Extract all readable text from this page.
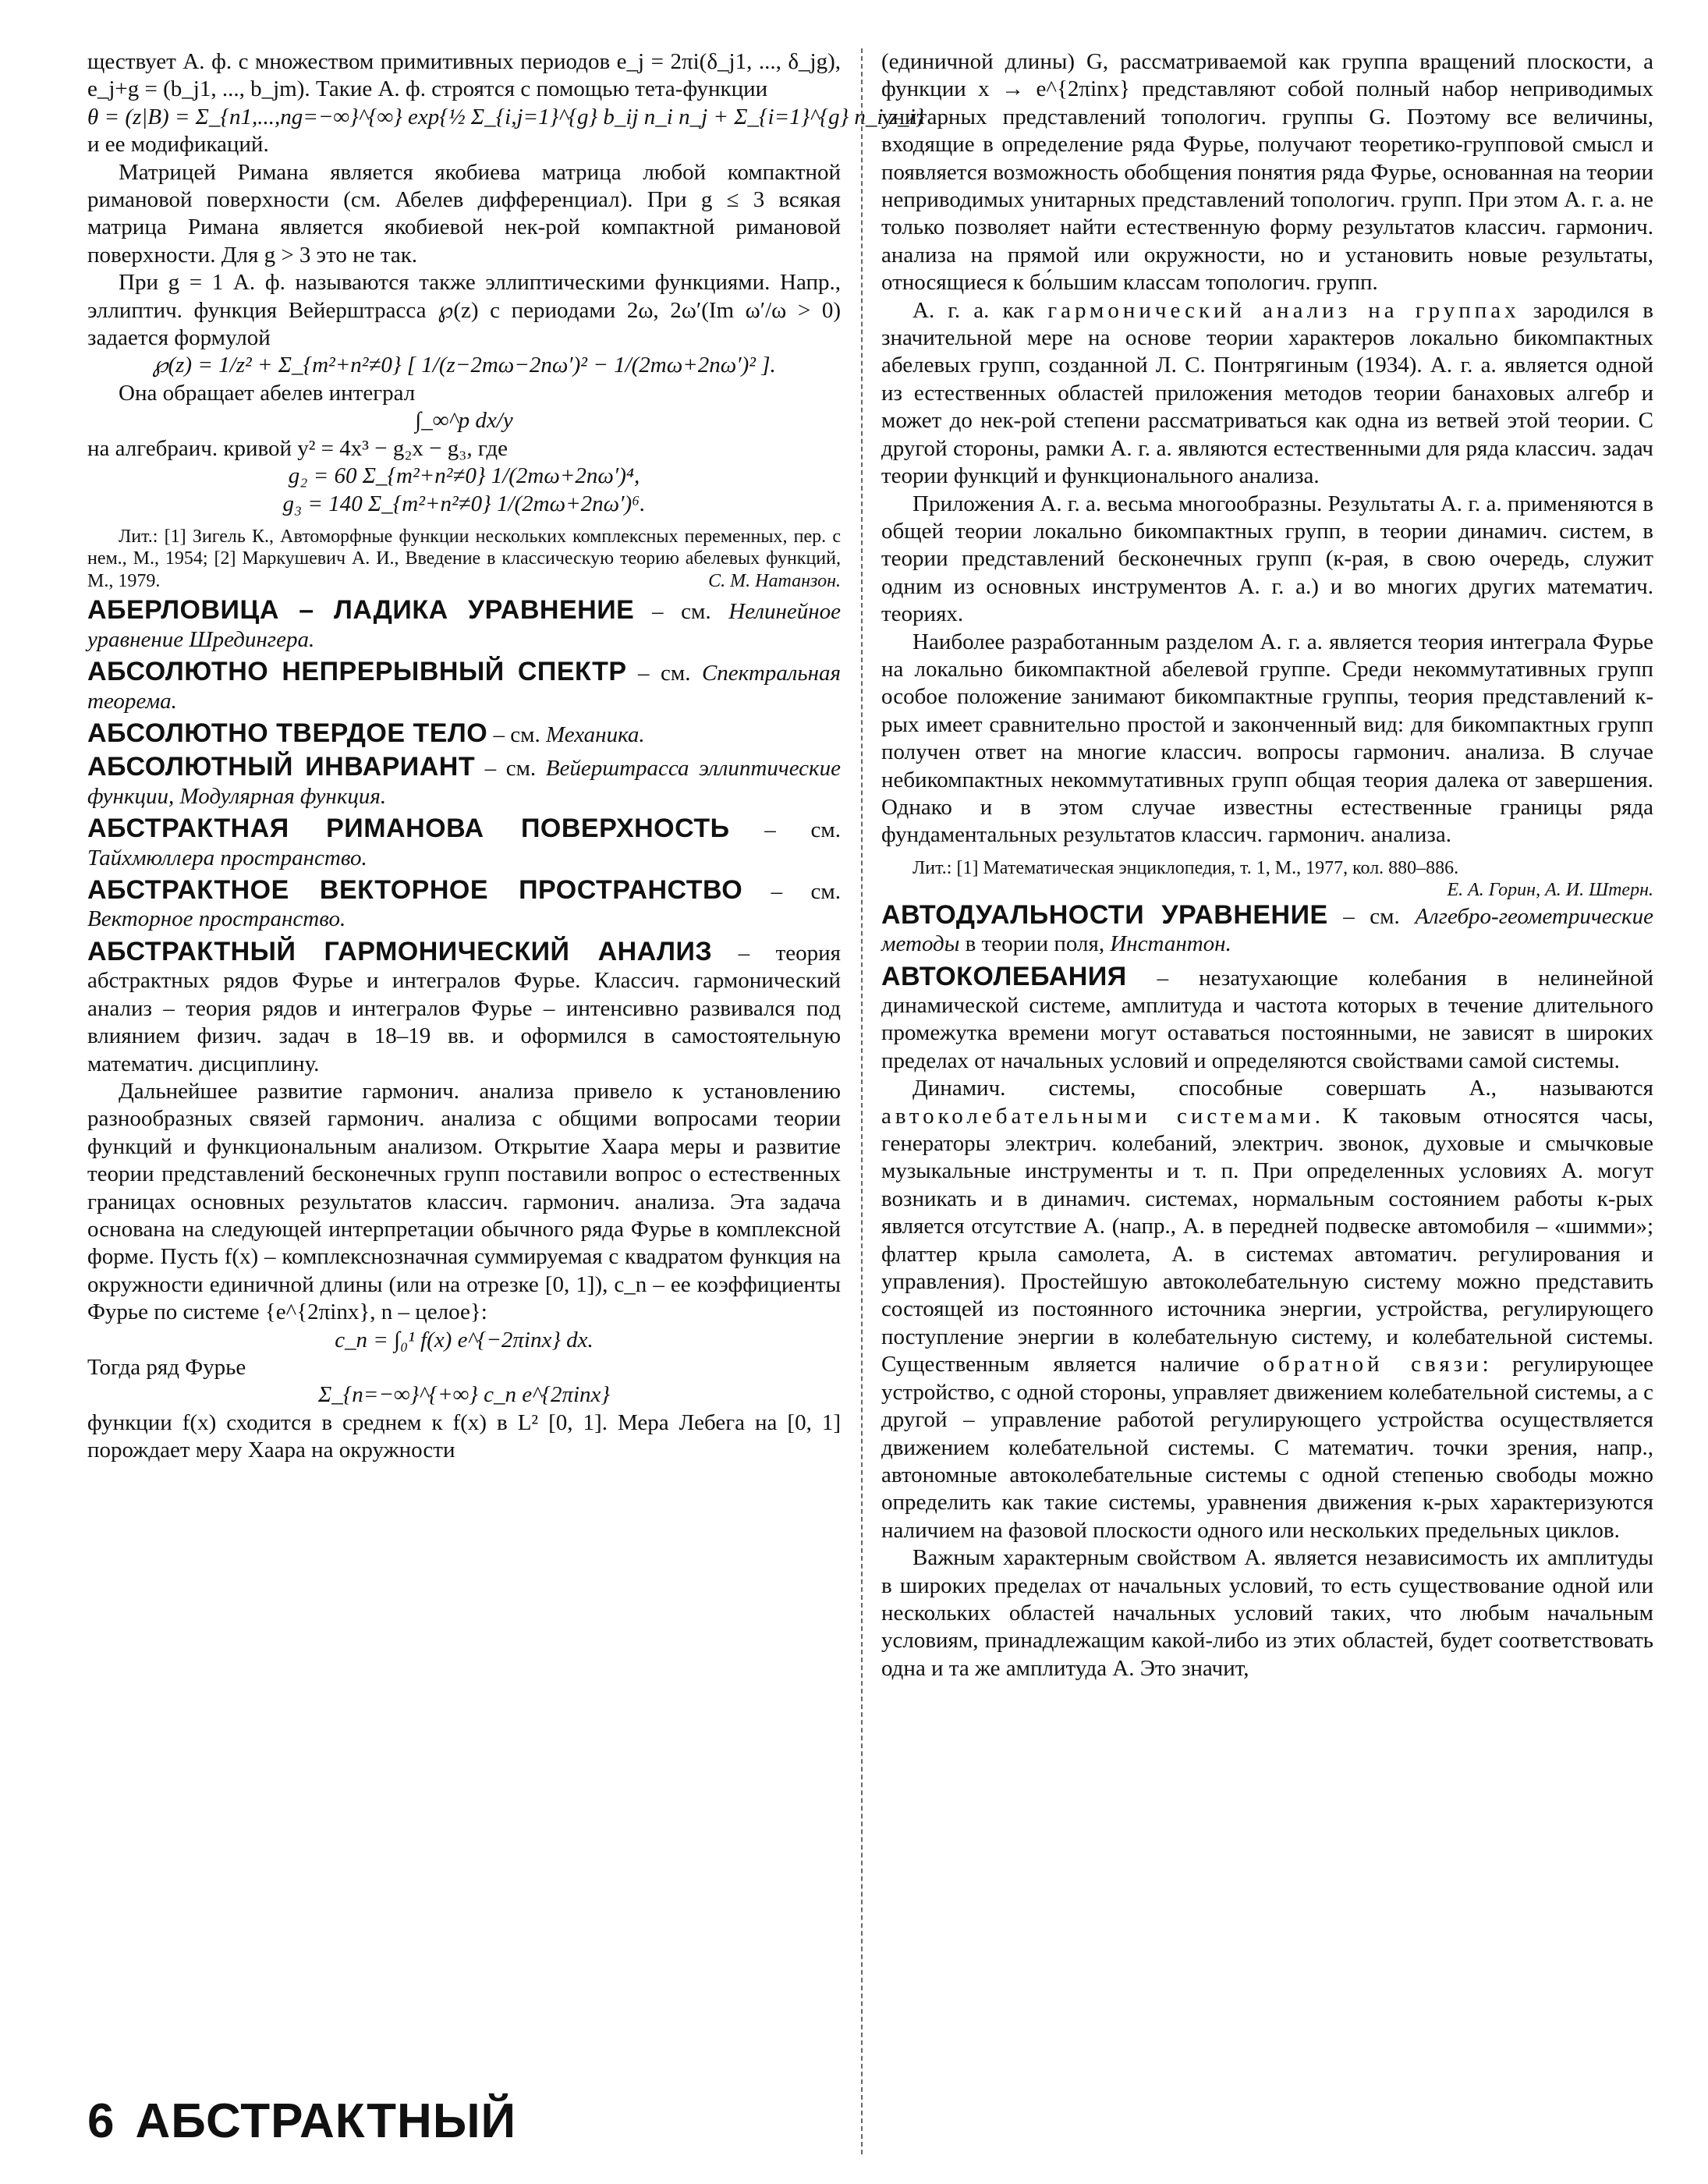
ществует А. ф. с множеством примитивных периодов e_j = 2πi(δ_j1, ..., δ_jg), e_j+g = (b_j1, ..., b_jm). Такие А. ф. строятся с помощью тета-функции

θ = (z|B) = Σ_{n1,...,ng=−∞}^{∞} exp{½ Σ_{i,j=1}^{g} b_ij n_i n_j + Σ_{i=1}^{g} n_i z_i}

и ее модификаций.

Матрицей Римана является якобиева матрица любой компактной римановой поверхности (см. Абелев дифференциал). При g ≤ 3 всякая матрица Римана является якобиевой нек-рой компактной римановой поверхности. Для g > 3 это не так.

При g = 1 А. ф. называются также эллиптическими функциями. Напр., эллиптич. функция Вейерштрасса ℘(z) с периодами 2ω, 2ω′(Im ω′/ω > 0) задается формулой

℘(z) = 1/z² + Σ_{m²+n²≠0} [ 1/(z−2mω−2nω′)² − 1/(2mω+2nω′)² ].

Она обращает абелев интеграл

∫_∞^p dx/y

на алгебраич. кривой y² = 4x³ − g₂x − g₃, где

g₂ = 60 Σ_{m²+n²≠0} 1/(2mω+2nω′)⁴,

g₃ = 140 Σ_{m²+n²≠0} 1/(2mω+2nω′)⁶.

Лит.: [1] Зигель К., Автоморфные функции нескольких комплексных переменных, пер. с нем., М., 1954; [2] Маркушевич А. И., Введение в классическую теорию абелевых функций, М., 1979.	С. М. Натанзон.

АБЕРЛОВИЦА – ЛАДИКА УРАВНЕНИЕ – см. Нелинейное уравнение Шредингера.

АБСОЛЮТНО НЕПРЕРЫВНЫЙ СПЕКТР – см. Спектральная теорема.

АБСОЛЮТНО ТВЕРДОЕ ТЕЛО – см. Механика.

АБСОЛЮТНЫЙ ИНВАРИАНТ – см. Вейерштрасса эллиптические функции, Модулярная функция.

АБСТРАКТНАЯ РИМАНОВА ПОВЕРХНОСТЬ – см. Тайхмюллера пространство.

АБСТРАКТНОЕ ВЕКТОРНОЕ ПРОСТРАНСТВО – см. Векторное пространство.

АБСТРАКТНЫЙ ГАРМОНИЧЕСКИЙ АНАЛИЗ – теория абстрактных рядов Фурье и интегралов Фурье. Классич. гармонический анализ – теория рядов и интегралов Фурье – интенсивно развивался под влиянием физич. задач в 18–19 вв. и оформился в самостоятельную математич. дисциплину.

Дальнейшее развитие гармонич. анализа привело к установлению разнообразных связей гармонич. анализа с общими вопросами теории функций и функциональным анализом. Открытие Хаара меры и развитие теории представлений бесконечных групп поставили вопрос о естественных границах основных результатов классич. гармонич. анализа. Эта задача основана на следующей интерпретации обычного ряда Фурье в комплексной форме. Пусть f(x) – комплекснозначная суммируемая с квадратом функция на окружности единичной длины (или на отрезке [0, 1]), c_n – ее коэффициенты Фурье по системе {e^{2πinx}, n – целое}:

c_n = ∫₀¹ f(x) e^{−2πinx} dx.

Тогда ряд Фурье

Σ_{n=−∞}^{+∞} c_n e^{2πinx}

функции f(x) сходится в среднем к f(x) в L² [0, 1]. Мера Лебега на [0, 1] порождает меру Хаара на окружности

(единичной длины) G, рассматриваемой как группа вращений плоскости, а функции x → e^{2πinx} представляют собой полный набор неприводимых унитарных представлений топологич. группы G. Поэтому все величины, входящие в определение ряда Фурье, получают теоретико-групповой смысл и появляется возможность обобщения понятия ряда Фурье, основанная на теории неприводимых унитарных представлений топологич. групп. При этом А. г. а. не только позволяет найти естественную форму результатов классич. гармонич. анализа на прямой или окружности, но и установить новые результаты, относящиеся к бо́льшим классам топологич. групп.

А. г. а. как гармонический анализ на группах зародился в значительной мере на основе теории характеров локально бикомпактных абелевых групп, созданной Л. С. Понтрягиным (1934). А. г. а. является одной из естественных областей приложения методов теории банаховых алгебр и может до нек-рой степени рассматриваться как одна из ветвей этой теории. С другой стороны, рамки А. г. а. являются естественными для ряда классич. задач теории функций и функционального анализа.

Приложения А. г. а. весьма многообразны. Результаты А. г. а. применяются в общей теории локально бикомпактных групп, в теории динамич. систем, в теории представлений бесконечных групп (к-рая, в свою очередь, служит одним из основных инструментов А. г. а.) и во многих других математич. теориях.

Наиболее разработанным разделом А. г. а. является теория интеграла Фурье на локально бикомпактной абелевой группе. Среди некоммутативных групп особое положение занимают бикомпактные группы, теория представлений к-рых имеет сравнительно простой и законченный вид: для бикомпактных групп получен ответ на многие классич. вопросы гармонич. анализа. В случае небикомпактных некоммутативных групп общая теория далека от завершения. Однако и в этом случае известны естественные границы ряда фундаментальных результатов классич. гармонич. анализа.

Лит.: [1] Математическая энциклопедия, т. 1, М., 1977, кол. 880–886.
Е. А. Горин, А. И. Штерн.

АВТОДУАЛЬНОСТИ УРАВНЕНИЕ – см. Алгебро-геометрические методы в теории поля, Инстантон.

АВТОКОЛЕБАНИЯ – незатухающие колебания в нелинейной динамической системе, амплитуда и частота которых в течение длительного промежутка времени могут оставаться постоянными, не зависят в широких пределах от начальных условий и определяются свойствами самой системы.

Динамич. системы, способные совершать А., называются автоколебательными системами. К таковым относятся часы, генераторы электрич. колебаний, электрич. звонок, духовые и смычковые музыкальные инструменты и т. п. При определенных условиях А. могут возникать и в динамич. системах, нормальным состоянием работы к-рых является отсутствие А. (напр., А. в передней подвеске автомобиля – «шимми»; флаттер крыла самолета, А. в системах автоматич. регулирования и управления). Простейшую автоколебательную систему можно представить состоящей из постоянного источника энергии, устройства, регулирующего поступление энергии в колебательную систему, и колебательной системы. Существенным является наличие обратной связи: регулирующее устройство, с одной стороны, управляет движением колебательной системы, а с другой – управление работой регулирующего устройства осуществляется движением колебательной системы. С математич. точки зрения, напр., автономные автоколебательные системы с одной степенью свободы можно определить как такие системы, уравнения движения к-рых характеризуются наличием на фазовой плоскости одного или нескольких предельных циклов.

Важным характерным свойством А. является независимость их амплитуды в широких пределах от начальных условий, то есть существование одной или нескольких областей начальных условий таких, что любым начальным условиям, принадлежащим какой-либо из этих областей, будет соответствовать одна и та же амплитуда А. Это значит,

6 АБСТРАКТНЫЙ
